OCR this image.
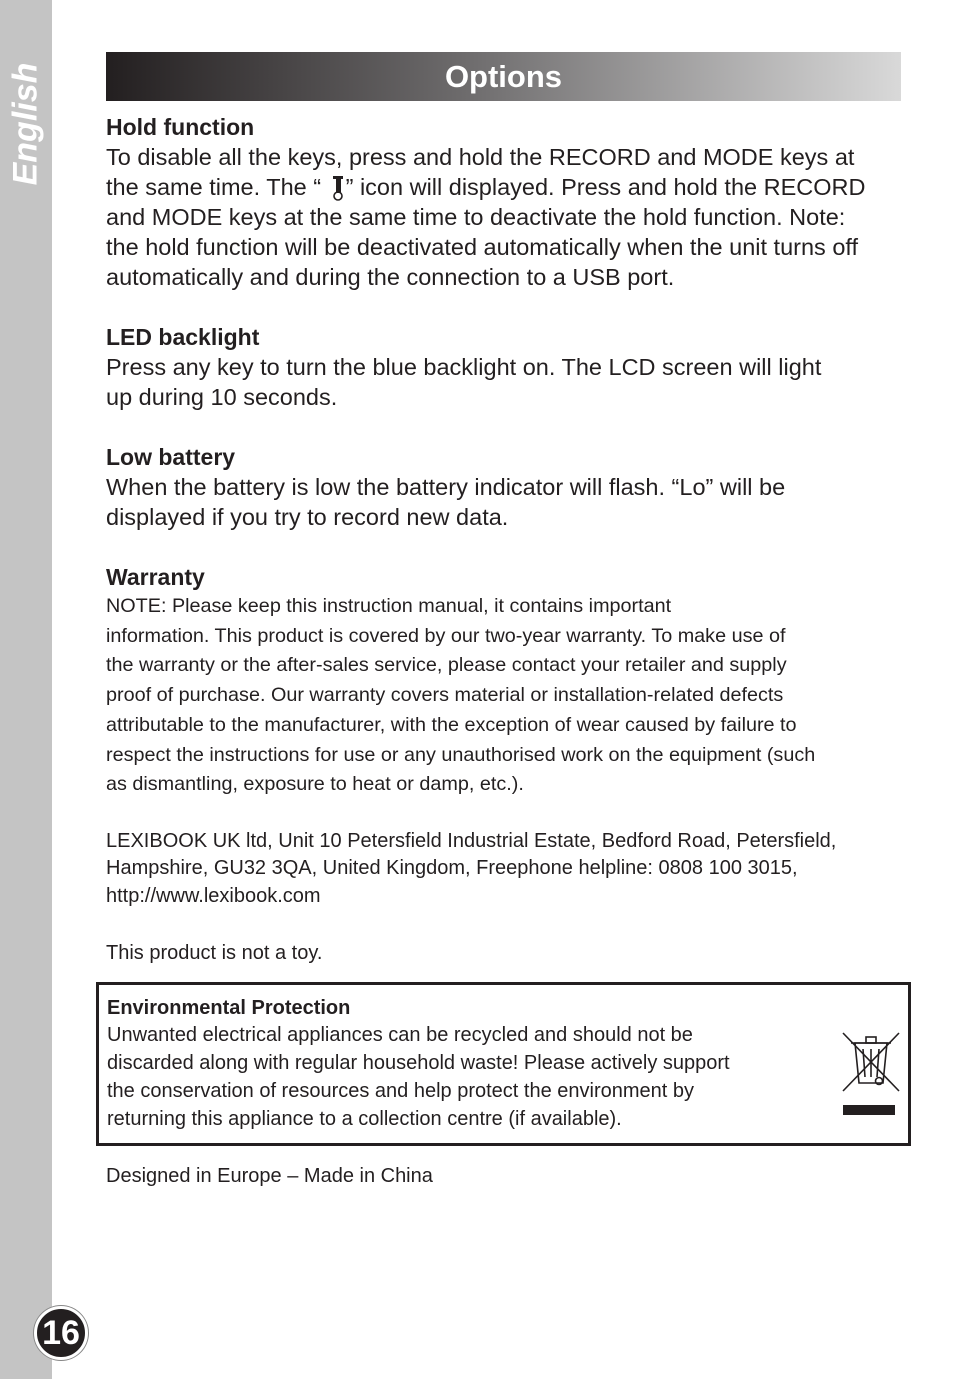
English
16
Options
Hold function

To disable all the keys, press and hold the RECORD and MODE keys at
the same time. The “ ” icon will displayed. Press and hold the RECORD
and MODE keys at the same time to deactivate the hold function. Note:
the hold function will be deactivated automatically when the unit turns off
automatically and during the connection to a USB port.

LED backlight

Press any key to turn the blue backlight on. The LCD screen will light
up during 10 seconds.

Low battery

When the battery is low the battery indicator will flash. “Lo” will be
displayed if you try to record new data.

Warranty

NOTE: Please keep this instruction manual, it contains important
information. This product is covered by our two-year warranty. To make use of
the warranty or the after-sales service, please contact your retailer and supply
proof of purchase. Our warranty covers material or installation-related defects
attributable to the manufacturer, with the exception of wear caused by failure to
respect the instructions for use or any unauthorised work on the equipment (such
as dismantling, exposure to heat or damp, etc.).

LEXIBOOK UK ltd, Unit 10 Petersfield Industrial Estate, Bedford Road, Petersfield,
Hampshire, GU32 3QA, United Kingdom, Freephone helpline: 0808 100 3015,
http://www.lexibook.com

This product is not a toy.

Environmental Protection

Unwanted electrical appliances can be recycled and should not be
discarded along with regular household waste! Please actively support
the conservation of resources and help protect the environment by
returning this appliance to a collection centre (if available).

Designed in Europe – Made in China
